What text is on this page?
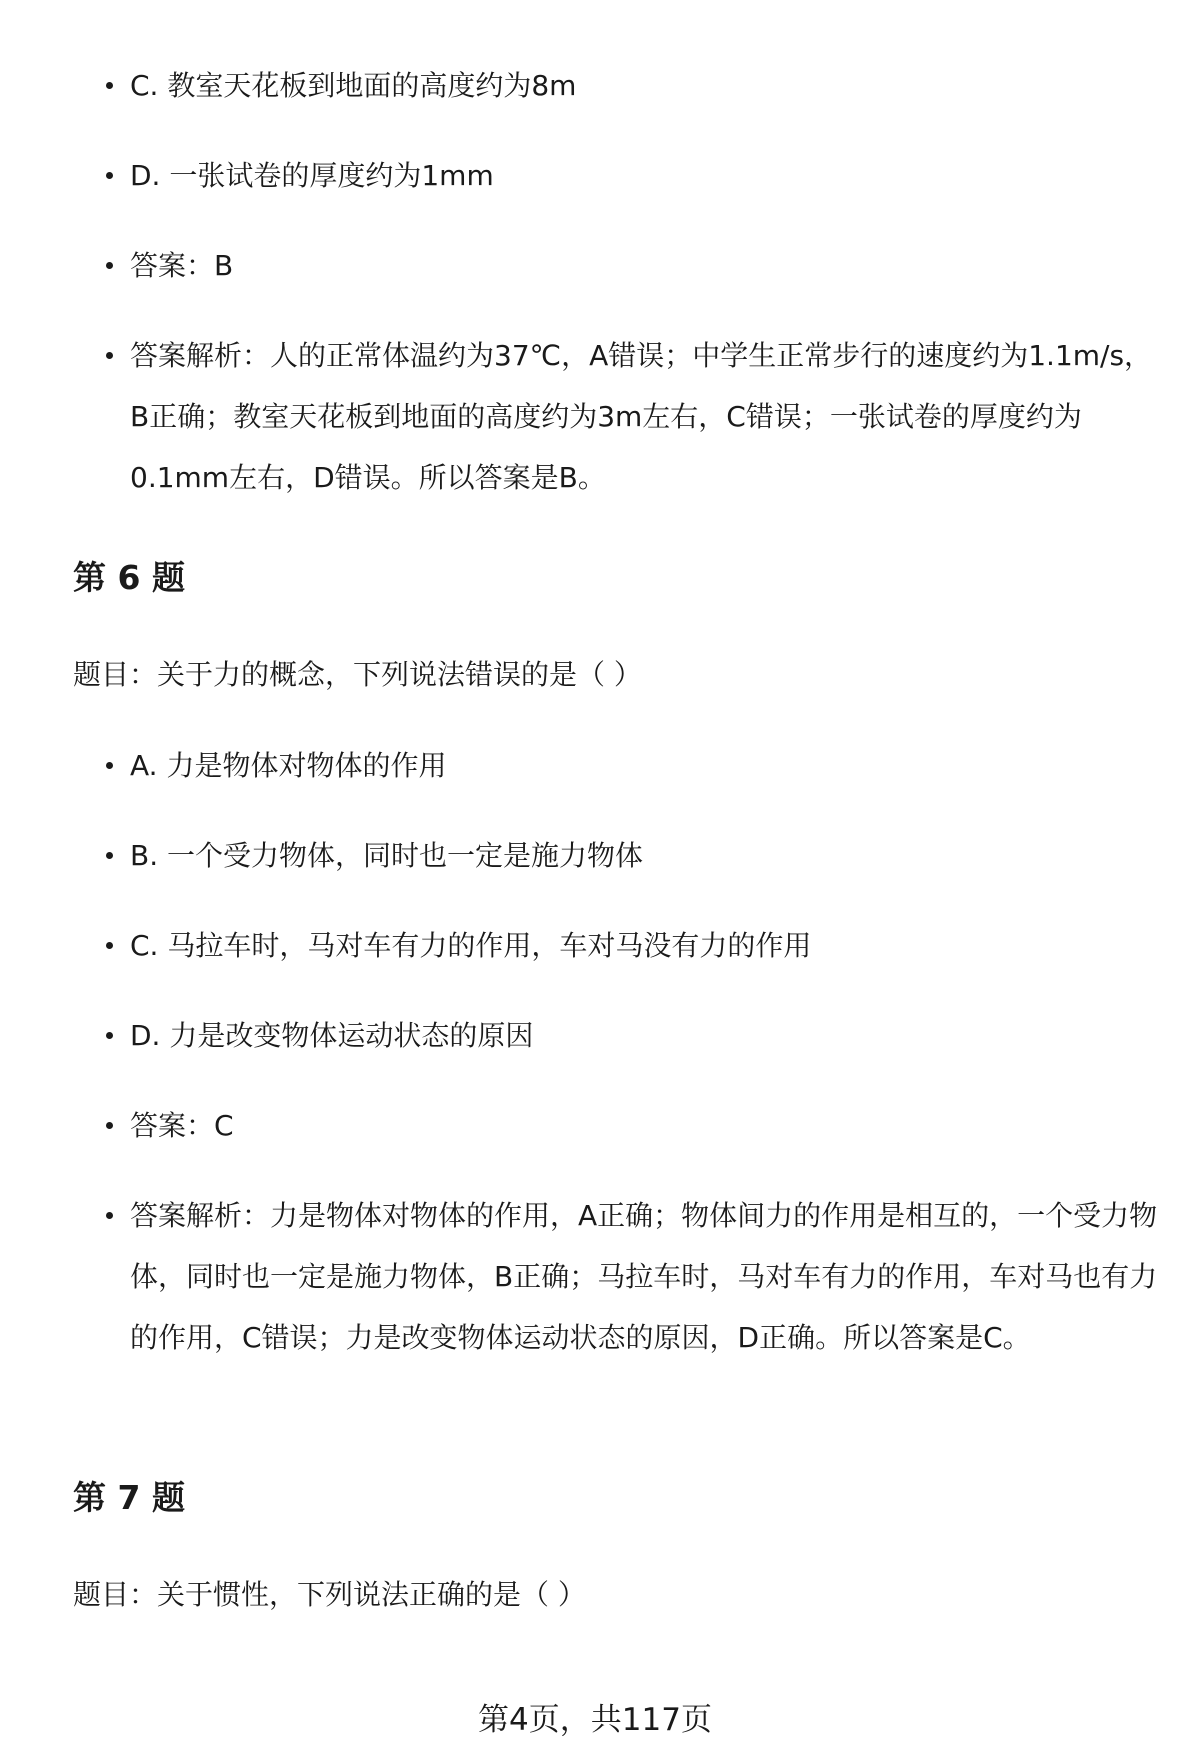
C. 教室天花板到地面的高度约为8m
D. 一张试卷的厚度约为1mm
答案：B
答案解析：人的正常体温约为37℃，A错误；中学生正常步行的速度约为1.1m/s，B正确；教室天花板到地面的高度约为3m左右，C错误；一张试卷的厚度约为0.1mm左右，D错误。所以答案是B。
第 6 题

题目：关于力的概念，下列说法错误的是（ ）

A. 力是物体对物体的作用
B. 一个受力物体，同时也一定是施力物体
C. 马拉车时，马对车有力的作用，车对马没有力的作用
D. 力是改变物体运动状态的原因
答案：C
答案解析：力是物体对物体的作用，A正确；物体间力的作用是相互的，一个受力物体，同时也一定是施力物体，B正确；马拉车时，马对车有力的作用，车对马也有力的作用，C错误；力是改变物体运动状态的原因，D正确。所以答案是C。
第 7 题

题目：关于惯性，下列说法正确的是（ ）

第4页，共117页
